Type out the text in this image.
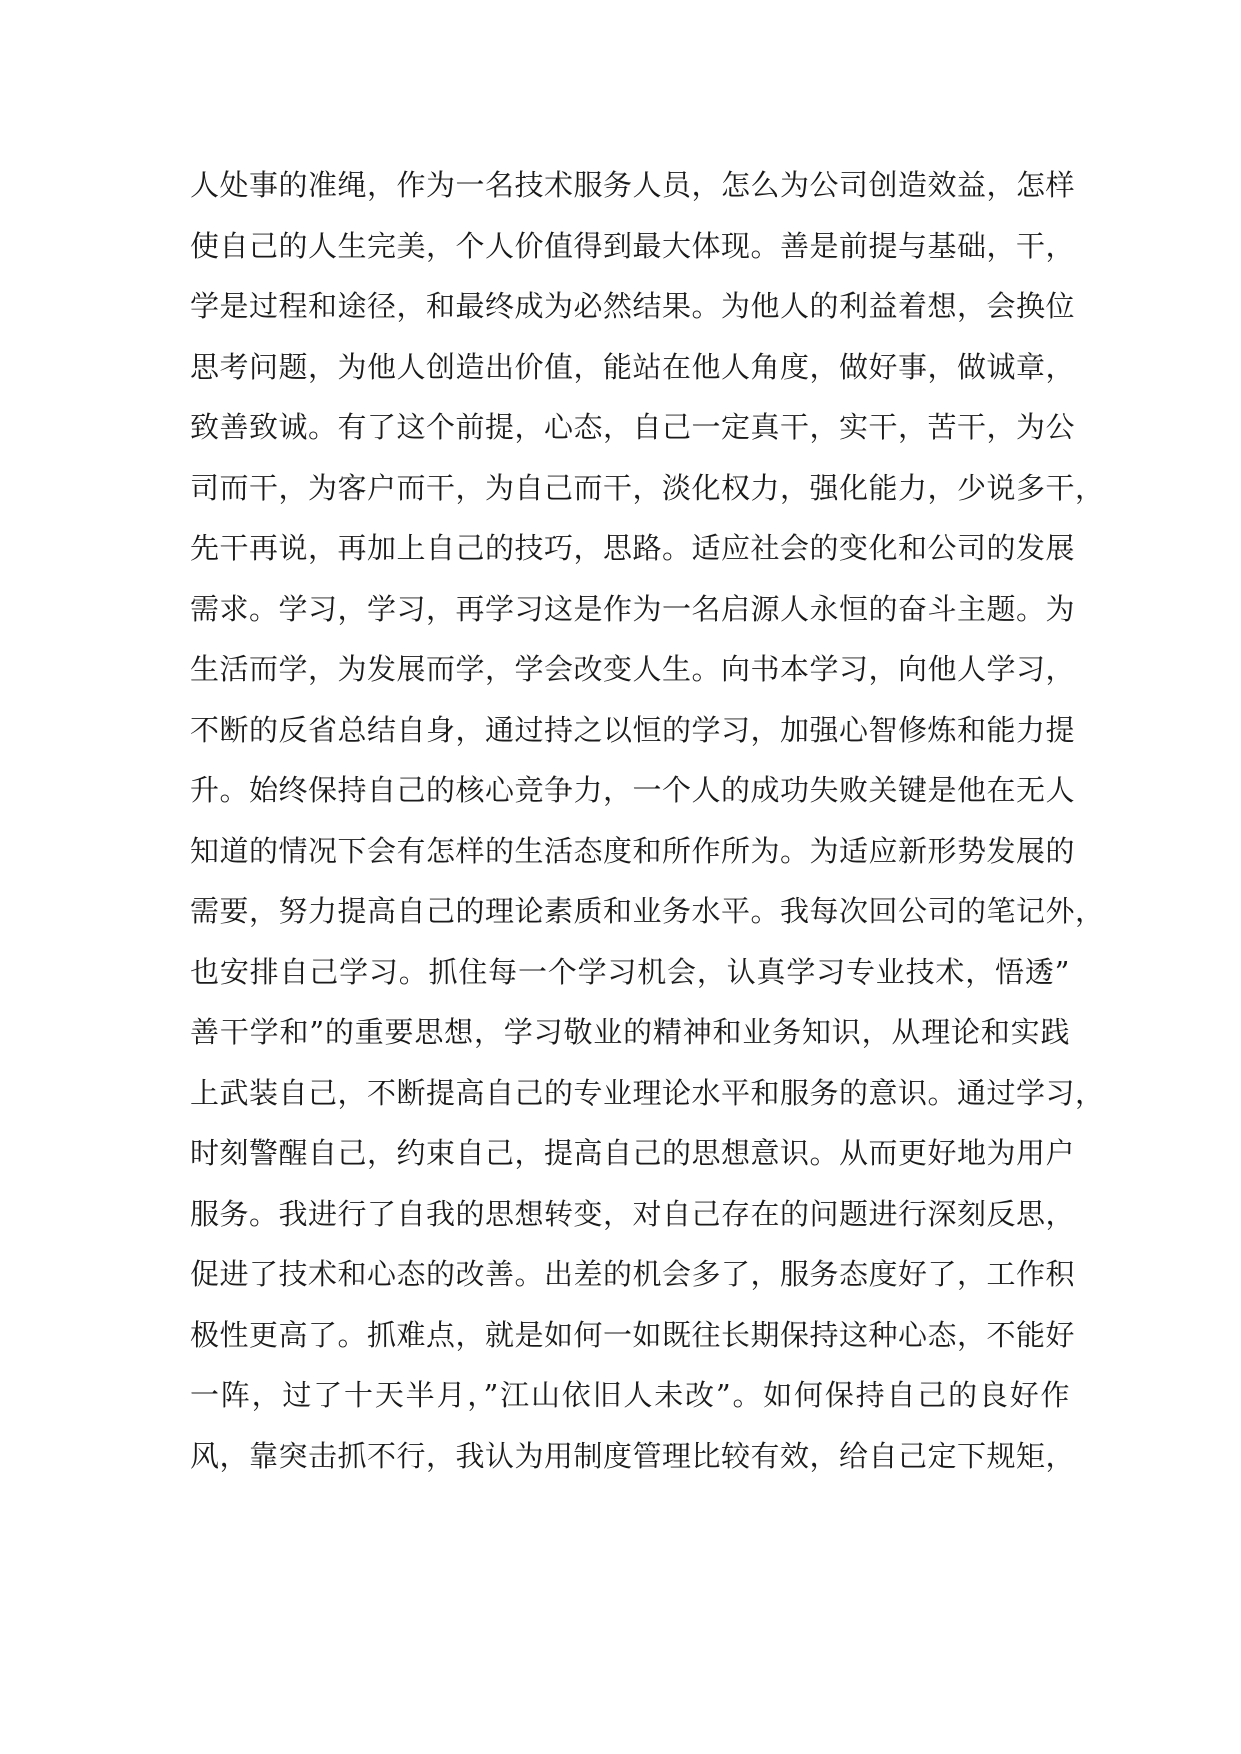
人处事的准绳，作为一名技术服务人员，怎么为公司创造效益，怎样
使自己的人生完美，个人价值得到最大体现。善是前提与基础，干，
学是过程和途径，和最终成为必然结果。为他人的利益着想，会换位
思考问题，为他人创造出价值，能站在他人角度，做好事，做诚章，
致善致诚。有了这个前提，心态，自己一定真干，实干，苦干，为公
司而干，为客户而干，为自己而干，淡化权力，强化能力，少说多干，
先干再说，再加上自己的技巧，思路。适应社会的变化和公司的发展
需求。学习，学习，再学习这是作为一名启源人永恒的奋斗主题。为
生活而学，为发展而学，学会改变人生。向书本学习，向他人学习，
不断的反省总结自身，通过持之以恒的学习，加强心智修炼和能力提
升。始终保持自己的核心竞争力，一个人的成功失败关键是他在无人
知道的情况下会有怎样的生活态度和所作所为。为适应新形势发展的
需要，努力提高自己的理论素质和业务水平。我每次回公司的笔记外，
也安排自己学习。抓住每一个学习机会，认真学习专业技术，悟透”
善干学和”的重要思想，学习敬业的精神和业务知识，从理论和实践
上武装自己，不断提高自己的专业理论水平和服务的意识。通过学习，
时刻警醒自己，约束自己，提高自己的思想意识。从而更好地为用户
服务。我进行了自我的思想转变，对自己存在的问题进行深刻反思，
促进了技术和心态的改善。出差的机会多了，服务态度好了，工作积
极性更高了。抓难点，就是如何一如既往长期保持这种心态，不能好
一阵，过了十天半月，”江山依旧人未改”。如何保持自己的良好作
风，靠突击抓不行，我认为用制度管理比较有效，给自己定下规矩，
